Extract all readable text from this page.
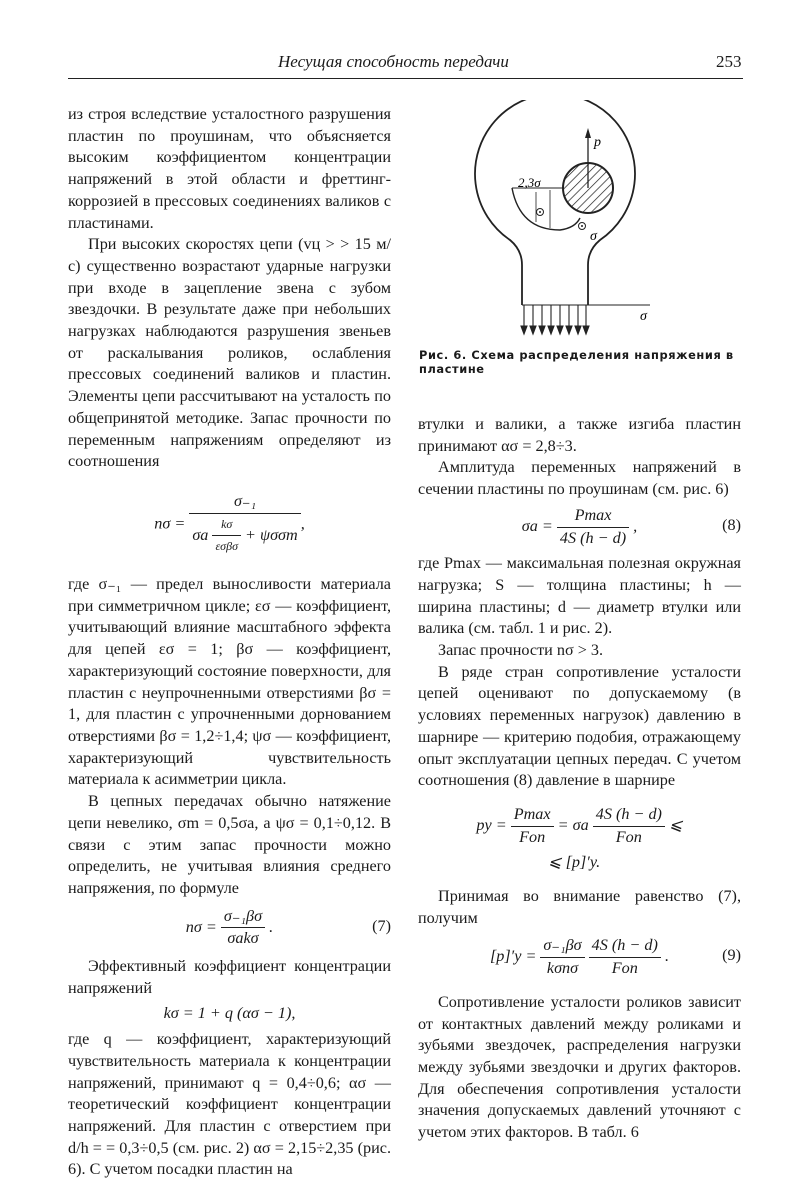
Несущая способность передачи	253
p
2,3σ
σ
σ
Рис. 6. Схема распределения напряжения в пластине

из строя вследствие усталостного разрушения пластин по проушинам, что объясняется высоким коэффициентом концентрации напряжений в этой области и фреттинг-коррозией в прессовых соединениях валиков с пластинами.

При высоких скоростях цепи (vц > > 15 м/с) существенно возрастают ударные нагрузки при входе в зацепление звена с зубом звездочки. В результате даже при небольших нагрузках наблюдаются разрушения звеньев от раскалывания роликов, ослабления прессовых соединений валиков и пластин. Элементы цепи рассчитывают на усталость по общепринятой методике. Запас прочности по переменным напряжениям определяют из соотношения

$n\sigma = \frac{\text{σ₋₁}}{\sigma a \frac{k\sigma}{\text{εσβσ}} + \psi\sigma\sigma m}$ ,

где σ₋₁ — предел выносливости материала при симметричном цикле; εσ — коэффициент, учитывающий влияние масштабного эффекта для цепей εσ = 1; βσ — коэффициент, характеризующий состояние поверхности, для пластин с неупрочненными отверстиями βσ = 1, для пластин с упрочненными дорнованием отверстиями βσ = 1,2÷1,4; ψσ — коэффициент, характеризующий чувствительность материала к асимметрии цикла.

В цепных передачах обычно натяжение цепи невелико, σm = 0,5σa, а ψσ = 0,1÷0,12. В связи с этим запас прочности можно определить, не учитывая влияния среднего напряжения, по формуле

$n\sigma = \frac{\text{σ₋₁βσ}}{\text{σakσ}}$ .	(7)

Эффективный коэффициент концентрации напряжений

kσ = 1 + q (ασ − 1),

где q — коэффициент, характеризующий чувствительность материала к концентрации напряжений, принимают q = 0,4÷0,6; ασ — теоретический коэффициент концентрации напряжений. Для пластин с отверстием при d/h = = 0,3÷0,5 (см. рис. 2) ασ = 2,15÷2,35 (рис. 6). С учетом посадки пластин на

втулки и валики, а также изгиба пластин принимают ασ = 2,8÷3.

Амплитуда переменных напряжений в сечении пластины по проушинам (см. рис. 6)

$\sigma a = \frac{Pmax}{4S (h - d)}$ ,	(8)

где Pmax — максимальная полезная окружная нагрузка; S — толщина пластины; h — ширина пластины; d — диаметр втулки или валика (см. табл. 1 и рис. 2).

Запас прочности nσ > 3.

В ряде стран сопротивление усталости цепей оценивают по допускаемому (в условиях переменных нагрузок) давлению в шарнире — критерию подобия, отражающему опыт эксплуатации цепных передач. С учетом соотношения (8) давление в шарнире

py = $\frac{Pmax}{\text{Fоп}} = \sigma a \frac{4S (h - d)}{\text{Fоп}}$ ⩽
⩽ [p]′y.

Принимая во внимание равенство (7), получим

$[p]'y = \frac{\text{σ₋₁βσ}}{\text{kσnσ}}$
$\frac{4S (h - d)}{\text{Fоп}}$ .	(9)

Сопротивление усталости роликов зависит от контактных давлений между роликами и зубьями звездочек, распределения нагрузки между зубьями звездочки и других факторов. Для обеспечения сопротивления усталости значения допускаемых давлений уточняют с учетом этих факторов. В табл. 6
